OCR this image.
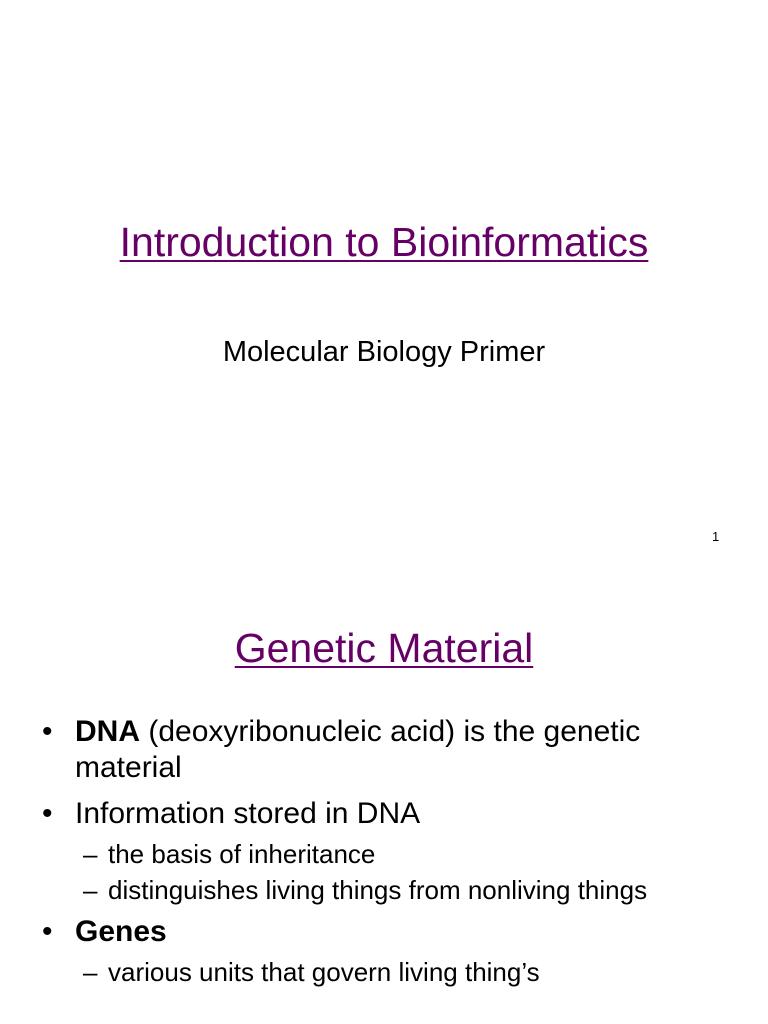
Introduction to Bioinformatics

Molecular Biology Primer

1
Genetic Material
• DNA (deoxyribonucleic acid) is the genetic material
• Information stored in DNA
– the basis of inheritance
– distinguishes living things from nonliving things
• Genes
– various units that govern living thing’s
